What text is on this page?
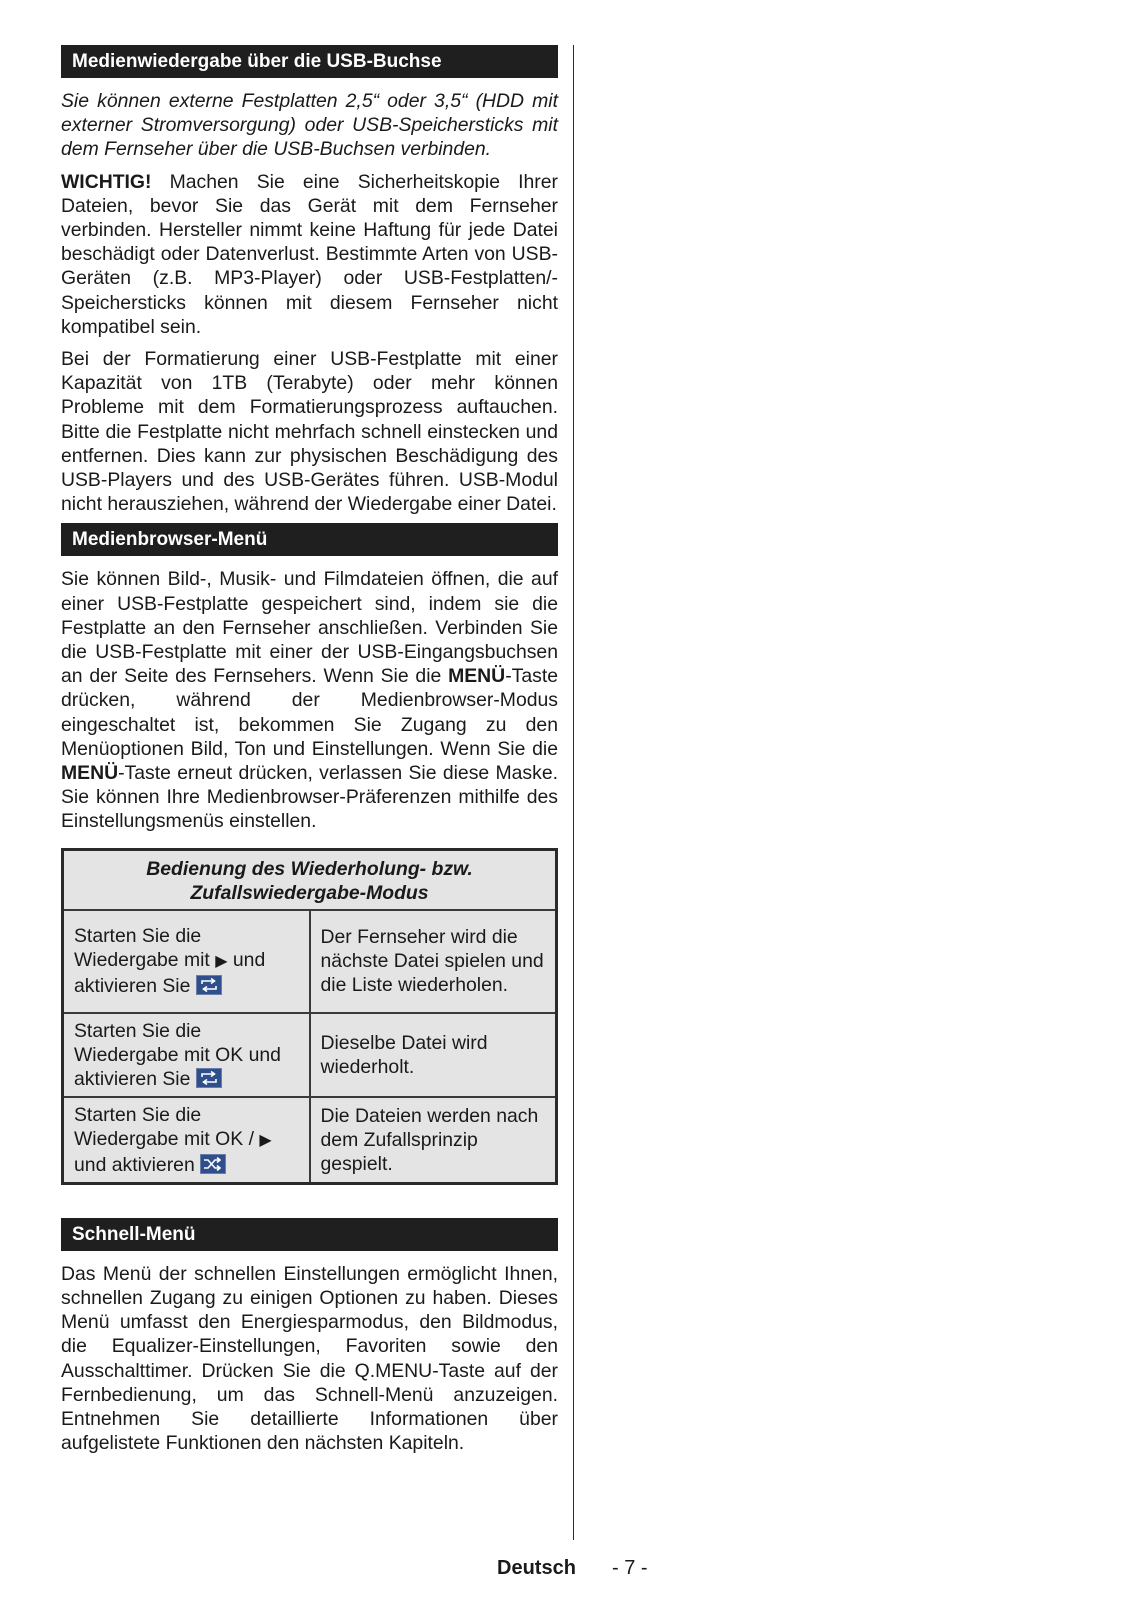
Medienwiedergabe über die USB-Buchse

Sie können externe Festplatten 2,5“ oder 3,5“ (HDD mit externer Stromversorgung) oder USB-Speichersticks mit dem Fernseher über die USB-Buchsen verbinden.

WICHTIG! Machen Sie eine Sicherheitskopie Ihrer Dateien, bevor Sie das Gerät mit dem Fernseher verbinden. Hersteller nimmt keine Haftung für jede Datei beschädigt oder Datenverlust. Bestimmte Arten von USB-Geräten (z.B. MP3-Player) oder USB-Festplatten/-Speichersticks können mit diesem Fernseher nicht kompatibel sein.

Bei der Formatierung einer USB-Festplatte mit einer Kapazität von 1TB (Terabyte) oder mehr können Probleme mit dem Formatierungsprozess auftauchen. Bitte die Festplatte nicht mehrfach schnell einstecken und entfernen. Dies kann zur physischen Beschädigung des USB-Players und des USB-Gerätes führen. USB-Modul nicht herausziehen, während der Wiedergabe einer Datei.

Medienbrowser-Menü

Sie können Bild-, Musik- und Filmdateien öffnen, die auf einer USB-Festplatte gespeichert sind, indem sie die Festplatte an den Fernseher anschließen. Verbinden Sie die USB-Festplatte mit einer der USB-Eingangsbuchsen an der Seite des Fernsehers. Wenn Sie die MENÜ-Taste drücken, während der Medienbrowser-Modus eingeschaltet ist, bekommen Sie Zugang zu den Menüoptionen Bild, Ton und Einstellungen. Wenn Sie die MENÜ-Taste erneut drücken, verlassen Sie diese Maske. Sie können Ihre Medienbrowser-Präferenzen mithilfe des Einstellungsmenüs einstellen.

Bedienung des Wiederholung- bzw. Zufallswiedergabe-Modus	
Starten Sie die Wiedergabe mit ▶ und aktivieren Sie	Der Fernseher wird die nächste Datei spielen und die Liste wiederholen.
Starten Sie die Wiedergabe mit OK und aktivieren Sie	Dieselbe Datei wird wiederholt.
Starten Sie die Wiedergabe mit OK / ▶ und aktivieren	Die Dateien werden nach dem Zufallsprinzip gespielt.
Schnell-Menü

Das Menü der schnellen Einstellungen ermöglicht Ihnen, schnellen Zugang zu einigen Optionen zu haben. Dieses Menü umfasst den Energiesparmodus, den Bildmodus, die Equalizer-Einstellungen, Favoriten sowie den Ausschalttimer. Drücken Sie die Q.MENU-Taste auf der Fernbedienung, um das Schnell-Menü anzuzeigen. Entnehmen Sie detaillierte Informationen über aufgelistete Funktionen den nächsten Kapiteln.

Deutsch - 7 -
